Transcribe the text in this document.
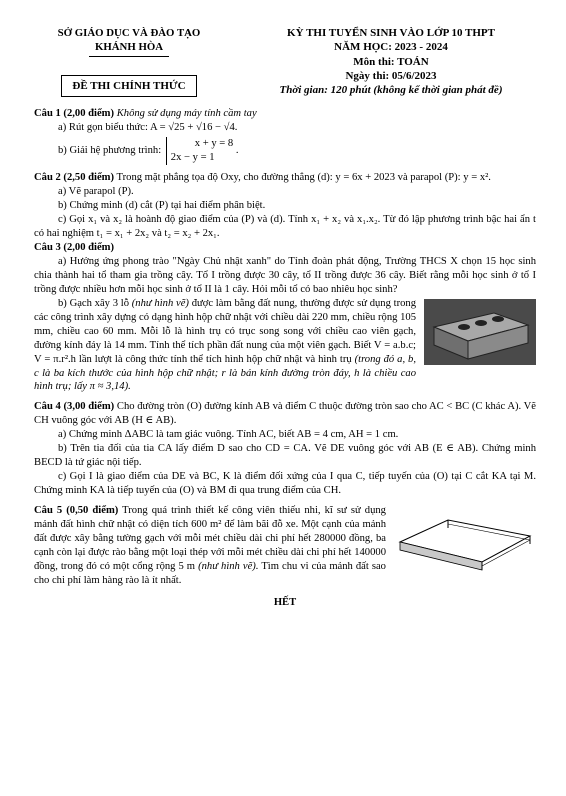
SỞ GIÁO DỤC VÀ ĐÀO TẠO
KHÁNH HÒA
ĐỀ THI CHÍNH THỨC
KỲ THI TUYỂN SINH VÀO LỚP 10 THPT
NĂM HỌC: 2023 - 2024
Môn thi: TOÁN
Ngày thi: 05/6/2023
Thời gian: 120 phút (không kể thời gian phát đề)

Câu 1 (2,00 điểm) Không sử dụng máy tính cầm tay

a) Rút gọn biểu thức: A = √25 + √16 − √4.

b) Giải hệ phương trình: x + y = 8
2x − y = 1 .

Câu 2 (2,50 điểm) Trong mặt phẳng tọa độ Oxy, cho đường thẳng (d): y = 6x + 2023 và parapol (P): y = x².

a) Vẽ parapol (P).

b) Chứng minh (d) cắt (P) tại hai điểm phân biệt.

c) Gọi x₁ và x₂ là hoành độ giao điểm của (P) và (d). Tính x₁ + x₂ và x₁.x₂. Từ đó lập phương trình bậc hai ẩn t có hai nghiệm t₁ = x₁ + 2x₂ và t₂ = x₂ + 2x₁.

Câu 3 (2,00 điểm)

a) Hưởng ứng phong trào "Ngày Chủ nhật xanh" do Tỉnh đoàn phát động, Trường THCS X chọn 15 học sinh chia thành hai tổ tham gia trồng cây. Tổ I trồng được 30 cây, tổ II trồng được 36 cây. Biết rằng mỗi học sinh ở tổ I trồng được nhiều hơn mỗi học sinh ở tổ II là 1 cây. Hỏi mỗi tổ có bao nhiêu học sinh?

b) Gạch xây 3 lỗ (như hình vẽ) được làm bằng đất nung, thường được sử dụng trong các công trình xây dựng có dạng hình hộp chữ nhật với chiều dài 220 mm, chiều rộng 105 mm, chiều cao 60 mm. Mỗi lỗ là hình trụ có trục song song với chiều cao viên gạch, đường kính đáy là 14 mm. Tính thể tích phần đất nung của một viên gạch. Biết V = a.b.c; V = π.r².h lần lượt là công thức tính thể tích hình hộp chữ nhật và hình trụ (trong đó a, b, c là ba kích thước của hình hộp chữ nhật; r là bán kính đường tròn đáy, h là chiều cao hình trụ; lấy π ≈ 3,14).

Câu 4 (3,00 điểm) Cho đường tròn (O) đường kính AB và điểm C thuộc đường tròn sao cho AC < BC (C khác A). Vẽ CH vuông góc với AB (H ∈ AB).

a) Chứng minh ΔABC là tam giác vuông. Tính AC, biết AB = 4 cm, AH = 1 cm.

b) Trên tia đối của tia CA lấy điểm D sao cho CD = CA. Vẽ DE vuông góc với AB (E ∈ AB). Chứng minh BECD là tứ giác nội tiếp.

c) Gọi I là giao điểm của DE và BC, K là điểm đối xứng của I qua C, tiếp tuyến của (O) tại C cắt KA tại M. Chứng minh KA là tiếp tuyến của (O) và BM đi qua trung điểm của CH.

Câu 5 (0,50 điểm) Trong quá trình thiết kế công viên thiếu nhi, kĩ sư sử dụng mảnh đất hình chữ nhật có diện tích 600 m² để làm bãi đỗ xe. Một cạnh của mảnh đất được xây bằng tường gạch với mỗi mét chiều dài chi phí hết 280000 đồng, ba cạnh còn lại được rào bằng một loại thép với mỗi mét chiều dài chi phí hết 140000 đồng, trong đó có một cổng rộng 5 m (như hình vẽ). Tìm chu vi của mảnh đất sao cho chi phí làm hàng rào là ít nhất.

HẾT
